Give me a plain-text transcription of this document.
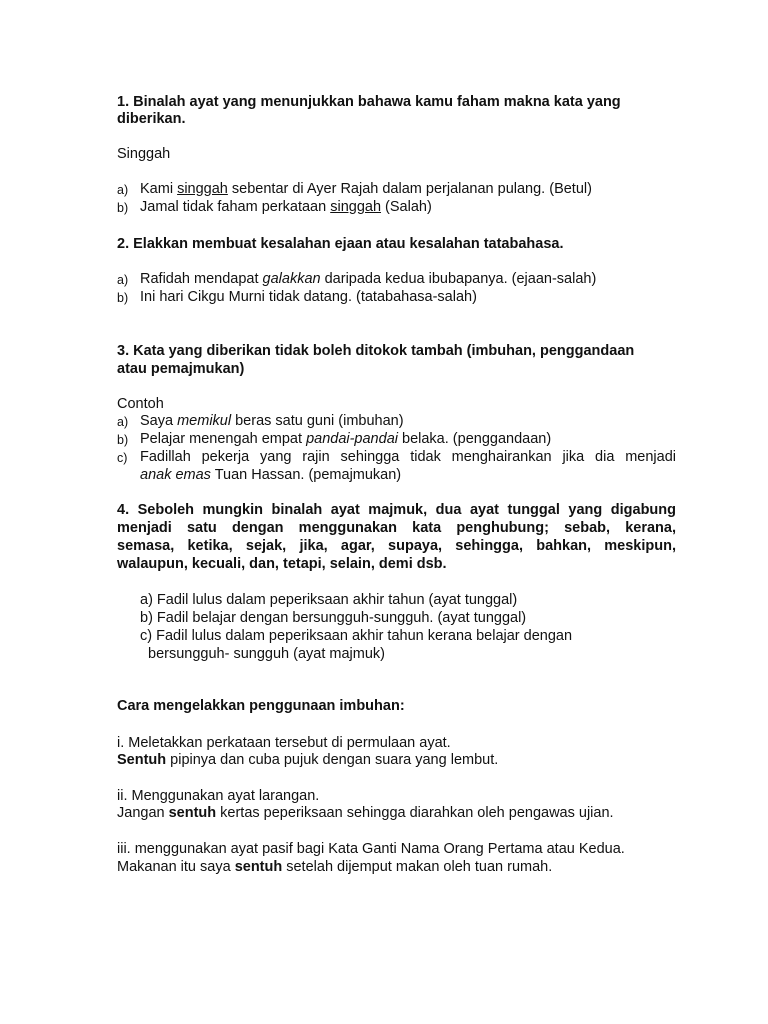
1. Binalah ayat yang menunjukkan bahawa kamu faham makna kata yang
diberikan.
Singgah
a) Kami singgah sebentar di Ayer Rajah dalam perjalanan pulang. (Betul)
b) Jamal tidak faham perkataan singgah (Salah)
2. Elakkan membuat kesalahan ejaan atau kesalahan tatabahasa.
a) Rafidah mendapat galakkan daripada kedua ibubapanya. (ejaan-salah)
b) Ini hari Cikgu Murni tidak datang. (tatabahasa-salah)
3. Kata yang diberikan tidak boleh ditokok tambah (imbuhan, penggandaan
atau pemajmukan)
Contoh
a) Saya memikul beras satu guni (imbuhan)
b) Pelajar menengah empat pandai-pandai belaka. (penggandaan)
c) Fadillah pekerja yang rajin sehingga tidak menghairankan jika dia menjadi
anak emas Tuan Hassan. (pemajmukan)
4. Seboleh mungkin binalah ayat majmuk, dua ayat tunggal yang digabung
menjadi satu dengan menggunakan kata penghubung; sebab, kerana,
semasa, ketika, sejak, jika, agar, supaya, sehingga, bahkan, meskipun,
walaupun, kecuali, dan, tetapi, selain, demi dsb.
a) Fadil lulus dalam peperiksaan akhir tahun (ayat tunggal)
b) Fadil belajar dengan bersungguh-sungguh. (ayat tunggal)
c) Fadil lulus dalam peperiksaan akhir tahun kerana belajar dengan
bersungguh- sungguh (ayat majmuk)
Cara mengelakkan penggunaan imbuhan:
i. Meletakkan perkataan tersebut di permulaan ayat.
Sentuh pipinya dan cuba pujuk dengan suara yang lembut.
ii. Menggunakan ayat larangan.
Jangan sentuh kertas peperiksaan sehingga diarahkan oleh pengawas ujian.
iii. menggunakan ayat pasif bagi Kata Ganti Nama Orang Pertama atau Kedua.
Makanan itu saya sentuh setelah dijemput makan oleh tuan rumah.
